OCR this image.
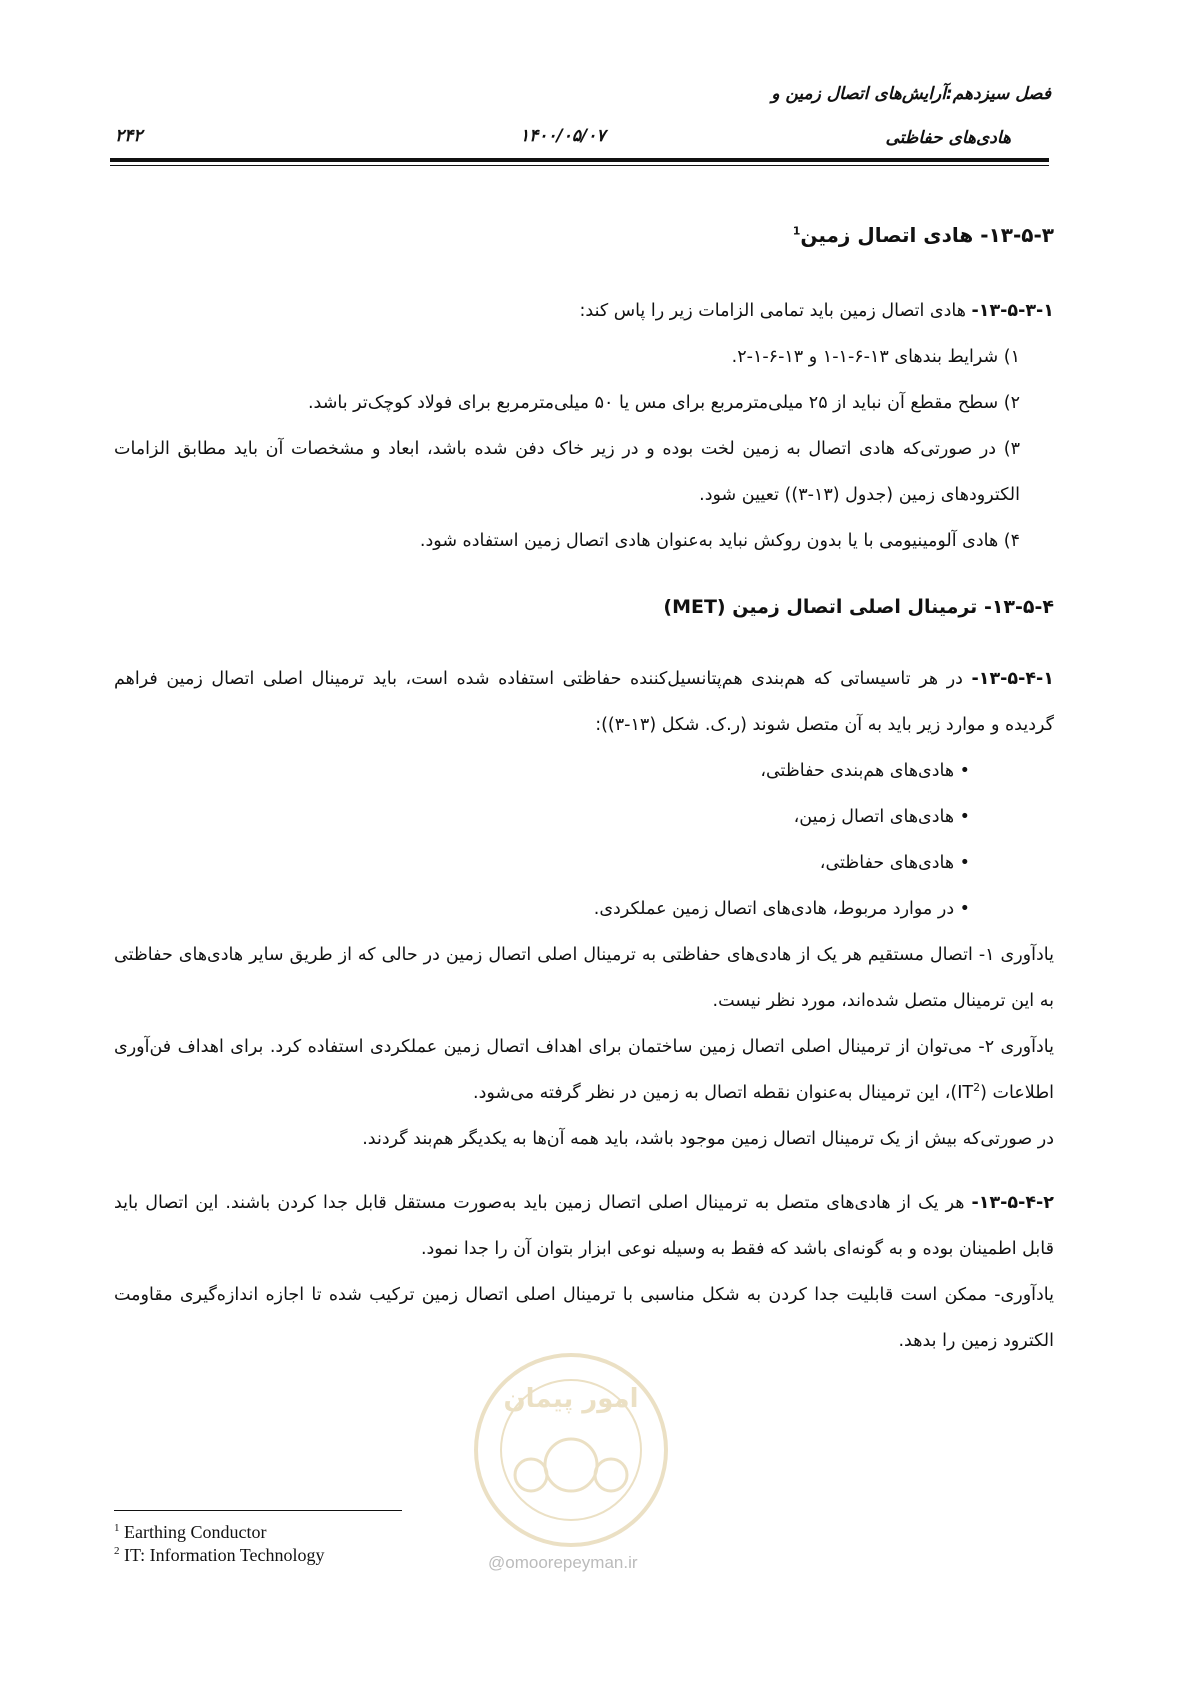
فصل سیزدهم:آرایش‌های اتصال زمین و
هادی‌های حفاظتی
۱۴۰۰/۰۵/۰۷
۲۴۲

۱۳-۵-۳- هادی اتصال زمین$^1$

۱۳-۵-۳-۱- هادی اتصال زمین باید تمامی الزامات زیر را پاس کند:

۱) شرایط بندهای ۱۳-۶-۱-۱ و ۱۳-۶-۱-۲.

۲) سطح مقطع آن نباید از ۲۵ میلی‌مترمربع برای مس یا ۵۰ میلی‌مترمربع برای فولاد کوچک‌تر باشد.

۳) در صورتی‌که هادی اتصال به زمین لخت بوده و در زیر خاک دفن شده باشد، ابعاد و مشخصات آن باید مطابق الزامات الکترودهای زمین (جدول (۱۳-۳)) تعیین شود.

۴) هادی آلومینیومی با یا بدون روکش نباید به‌عنوان هادی اتصال زمین استفاده شود.

۱۳-۵-۴- ترمینال اصلی اتصال زمین (MET)

۱۳-۵-۴-۱- در هر تاسیساتی که هم‌بندی هم‌پتانسیل‌کننده حفاظتی استفاده شده است، باید ترمینال اصلی اتصال زمین فراهم گردیده و موارد زیر باید به آن متصل شوند (ر.ک. شکل (۱۳-۳)):

• هادی‌های هم‌بندی حفاظتی،

• هادی‌های اتصال زمین،

• هادی‌های حفاظتی،

• در موارد مربوط، هادی‌های اتصال زمین عملکردی.

یادآوری ۱- اتصال مستقیم هر یک از هادی‌های حفاظتی به ترمینال اصلی اتصال زمین در حالی که از طریق سایر هادی‌های حفاظتی به این ترمینال متصل شده‌اند، مورد نظر نیست.

یادآوری ۲- می‌توان از ترمینال اصلی اتصال زمین ساختمان برای اهداف اتصال زمین عملکردی استفاده کرد. برای اهداف فن‌آوری اطلاعات $(IT^2)،$ این ترمینال به‌عنوان نقطه اتصال به زمین در نظر گرفته می‌شود.

در صورتی‌که بیش از یک ترمینال اتصال زمین موجود باشد، باید همه آن‌ها به یکدیگر هم‌بند گردند.

۱۳-۵-۴-۲- هر یک از هادی‌های متصل به ترمینال اصلی اتصال زمین باید به‌صورت مستقل قابل جدا کردن باشند. این اتصال باید قابل اطمینان بوده و به گونه‌ای باشد که فقط به وسیله نوعی ابزار بتوان آن را جدا نمود.

یادآوری- ممکن است قابلیت جدا کردن به شکل مناسبی با ترمینال اصلی اتصال زمین ترکیب شده تا اجازه اندازه‌گیری مقاومت الکترود زمین را بدهد.

امور پیمان
@omoorepeyman.ir
$^1$ Earthing Conductor
$^2$ IT: Information Technology
